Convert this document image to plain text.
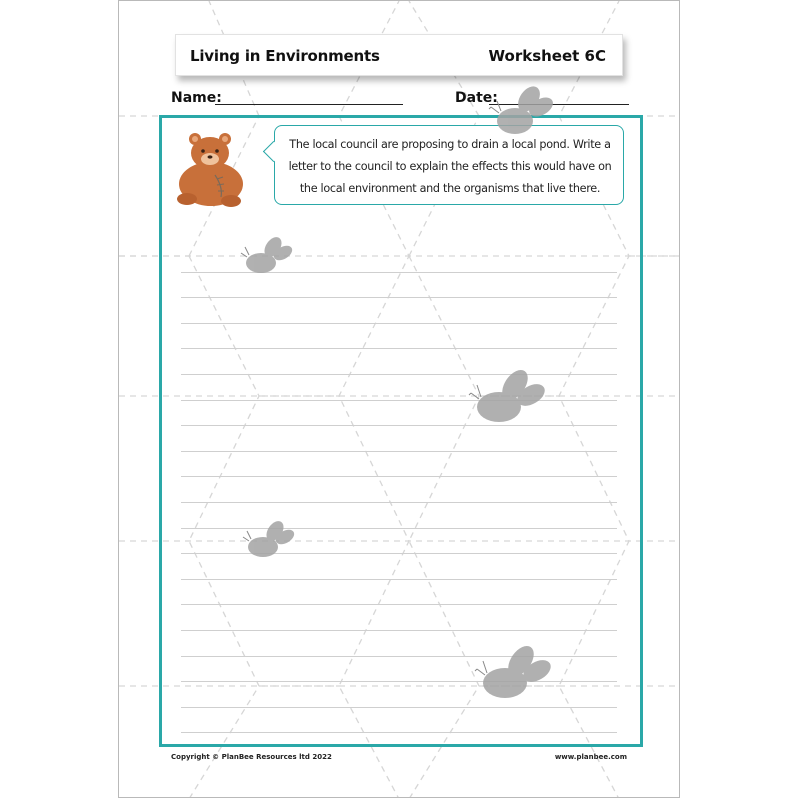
Living in Environments	Worksheet 6C
Name:	Date:
The local council are proposing to drain a local pond. Write a letter to the council to explain the effects this would have on the local environment and the organisms that live there.
Copyright © PlanBee Resources ltd 2022	www.planbee.com
